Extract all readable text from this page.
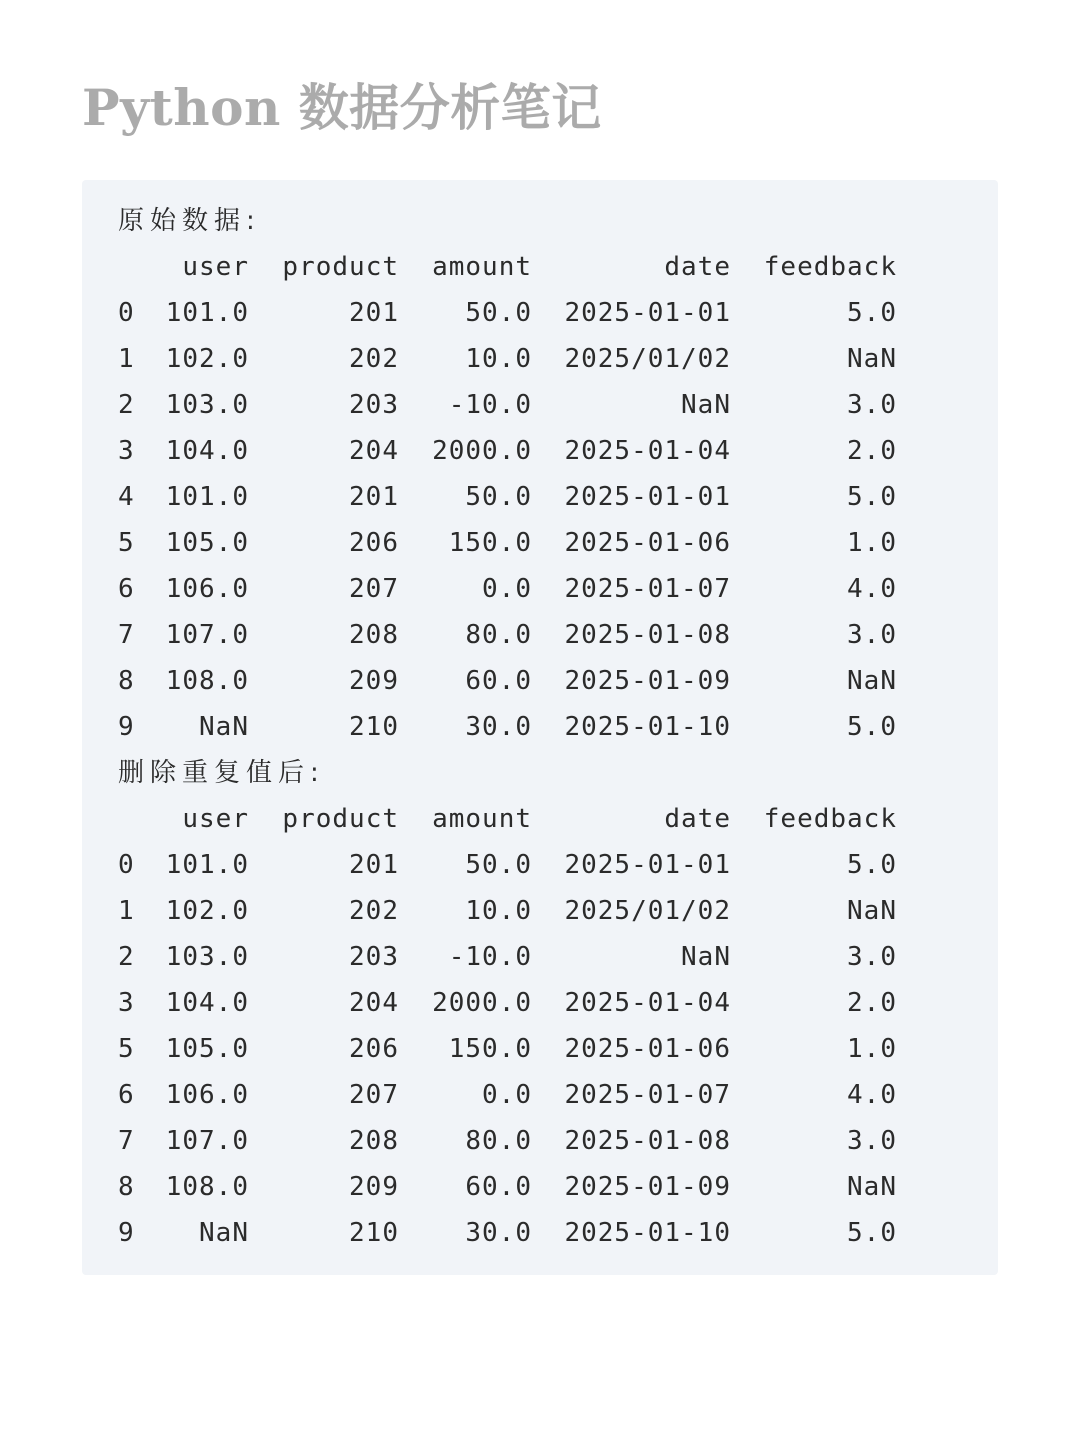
Python 数据分析笔记
原始数据:
	user	product	amount	date	feedback
0	101.0	201	50.0	2025-01-01	5.0
1	102.0	202	10.0	2025/01/02	NaN
2	103.0	203	-10.0	NaN	3.0
3	104.0	204	2000.0	2025-01-04	2.0
4	101.0	201	50.0	2025-01-01	5.0
5	105.0	206	150.0	2025-01-06	1.0
6	106.0	207	0.0	2025-01-07	4.0
7	107.0	208	80.0	2025-01-08	3.0
8	108.0	209	60.0	2025-01-09	NaN
9	NaN	210	30.0	2025-01-10	5.0
删除重复值后:
	user	product	amount	date	feedback
0	101.0	201	50.0	2025-01-01	5.0
1	102.0	202	10.0	2025/01/02	NaN
2	103.0	203	-10.0	NaN	3.0
3	104.0	204	2000.0	2025-01-04	2.0
5	105.0	206	150.0	2025-01-06	1.0
6	106.0	207	0.0	2025-01-07	4.0
7	107.0	208	80.0	2025-01-08	3.0
8	108.0	209	60.0	2025-01-09	NaN
9	NaN	210	30.0	2025-01-10	5.0
